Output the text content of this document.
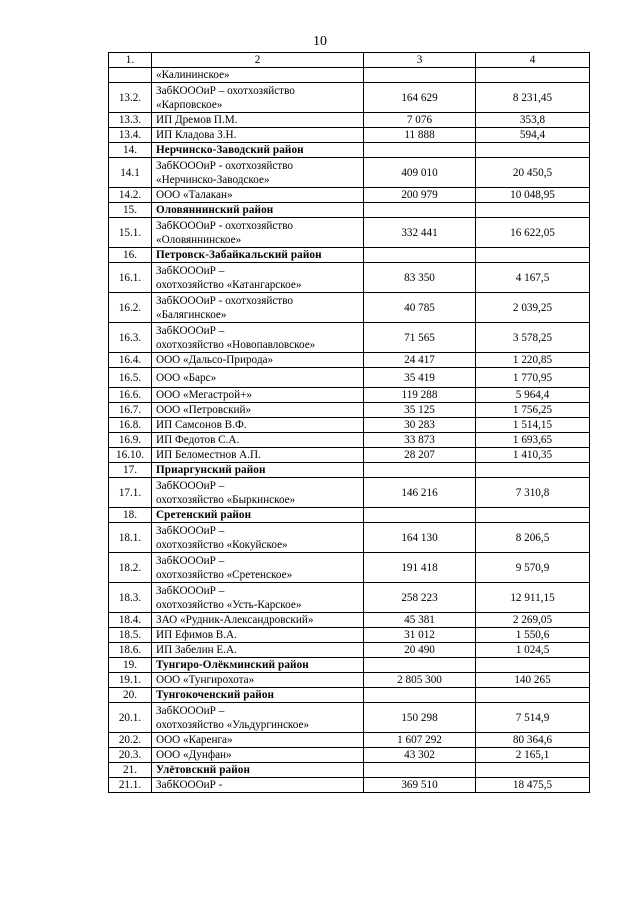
10
1.	2	3	4

	«Калининское»		

13.2.	ЗабКОООиР – охотхозяйство
«Карповское»	164 629	8 231,45
13.3.	ИП Дремов П.М.	7 076	353,8
13.4.	ИП Кладова З.Н.	11 888	594,4
14.	Нерчинско-Заводский район		

14.1	ЗабКОООиР - охотхозяйство
«Нерчинско-Заводское»	409 010	20 450,5
14.2.	ООО «Талакан»	200 979	10 048,95
15.	Оловяннинский район		

15.1.	ЗабКОООиР - охотхозяйство
«Оловяннинское»	332 441	16 622,05
16.	Петровск-Забайкальский район		

16.1.	ЗабКОООиР –
охотхозяйство «Катангарское»	83 350	4 167,5
16.2.	ЗабКОООиР - охотхозяйство
«Балягинское»	40 785	2 039,25
16.3.	ЗабКОООиР –
охотхозяйство «Новопавловское»	71 565	3 578,25
16.4.	ООО «Дальсо-Природа»	24 417	1 220,85
16.5.	ООО «Барс»	35 419	1 770,95
16.6.	ООО «Мегастрой+»	119 288	5 964,4
16.7.	ООО «Петровский»	35 125	1 756,25
16.8.	ИП Самсонов В.Ф.	30 283	1 514,15
16.9.	ИП Федотов С.А.	33 873	1 693,65
16.10.	ИП Беломестнов А.П.	28 207	1 410,35
17.	Приаргунский район		

17.1.	ЗабКОООиР –
охотхозяйство «Быркинское»	146 216	7 310,8
18.	Сретенский район		

18.1.	ЗабКОООиР –
охотхозяйство «Кокуйское»	164 130	8 206,5
18.2.	ЗабКОООиР –
охотхозяйство «Сретенское»	191 418	9 570,9
18.3.	ЗабКОООиР –
охотхозяйство «Усть-Карское»	258 223	12 911,15
18.4.	ЗАО «Рудник-Александровский»	45 381	2 269,05
18.5.	ИП Ефимов В.А.	31 012	1 550,6
18.6.	ИП Забелин Е.А.	20 490	1 024,5
19.	Тунгиро-Олёкминский район		

19.1.	ООО «Тунгирохота»	2 805 300	140 265
20.	Тунгокоченский район		

20.1.	ЗабКОООиР –
охотхозяйство «Ульдургинское»	150 298	7 514,9
20.2.	ООО «Каренга»	1 607 292	80 364,6
20.3.	ООО «Дунфан»	43 302	2 165,1
21.	Улётовский район		

21.1.	ЗабКОООиР -	369 510	18 475,5
